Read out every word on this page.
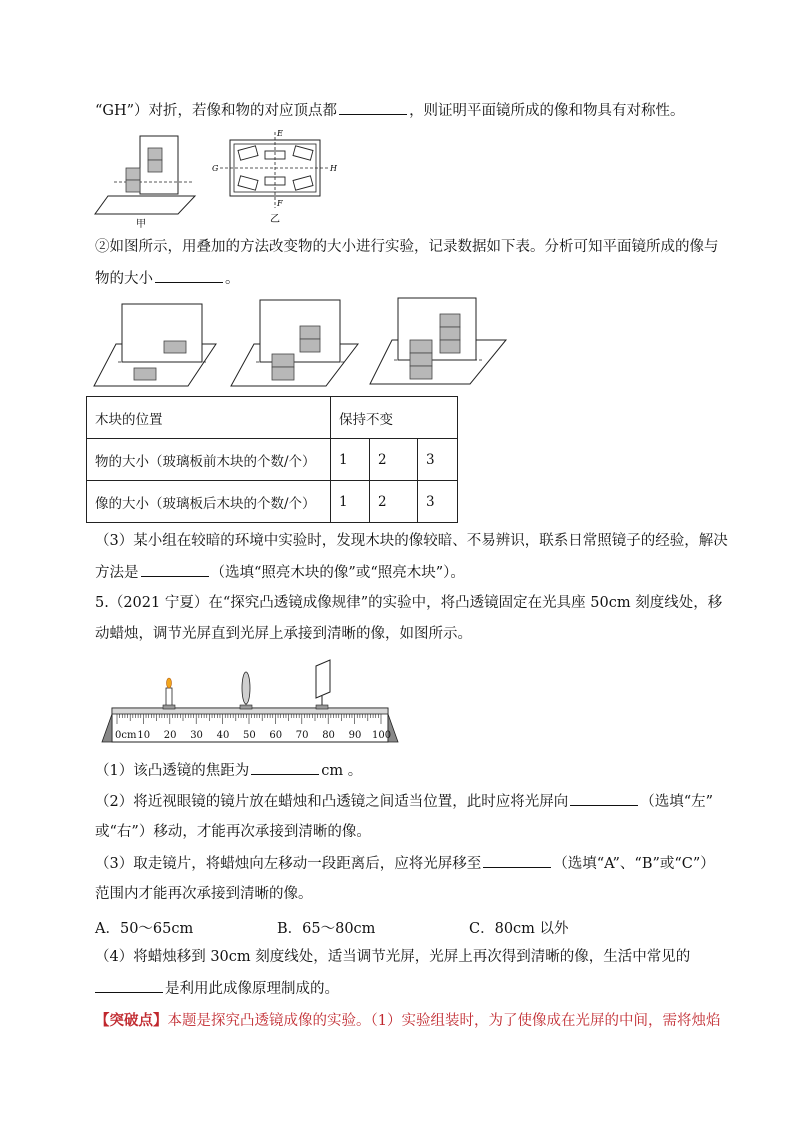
“GH”）对折，若像和物的对应顶点都	，则证明平面镜所成的像和物具有对称性。
甲
E
F
G	H
乙
②如图所示，用叠加的方法改变物的大小进行实验，记录数据如下表。分析可知平面镜所成的像与
物的大小	。
木块的位置	保持不变		
物的大小（玻璃板前木块的个数/个）	1	2	3
像的大小（玻璃板后木块的个数/个）	1	2	3
（3）某小组在较暗的环境中实验时，发现木块的像较暗、不易辨识，联系日常照镜子的经验，解决
方法是	（选填“照亮木块的像”或“照亮木块”）。
5.（2021 宁夏）在“探究凸透镜成像规律”的实验中，将凸透镜固定在光具座 50cm 刻度线处，移
动蜡烛，调节光屏直到光屏上承接到清晰的像，如图所示。
0cm 10 20 30 40 50 60 70 80 90 100
（1）该凸透镜的焦距为	cm 。
（2）将近视眼镜的镜片放在蜡烛和凸透镜之间适当位置，此时应将光屏向	（选填“左”
或“右”）移动，才能再次承接到清晰的像。
（3）取走镜片，将蜡烛向左移动一段距离后，应将光屏移至	（选填“A”、“B”或“C”）
范围内才能再次承接到清晰的像。
A．50～65cm	B．65～80cm	C．80cm 以外
（4）将蜡烛移到 30cm 刻度线处，适当调节光屏，光屏上再次得到清晰的像，生活中常见的
是利用此成像原理制成的。
【突破点】本题是探究凸透镜成像的实验。（1）实验组装时，为了使像成在光屏的中间，需将烛焰
